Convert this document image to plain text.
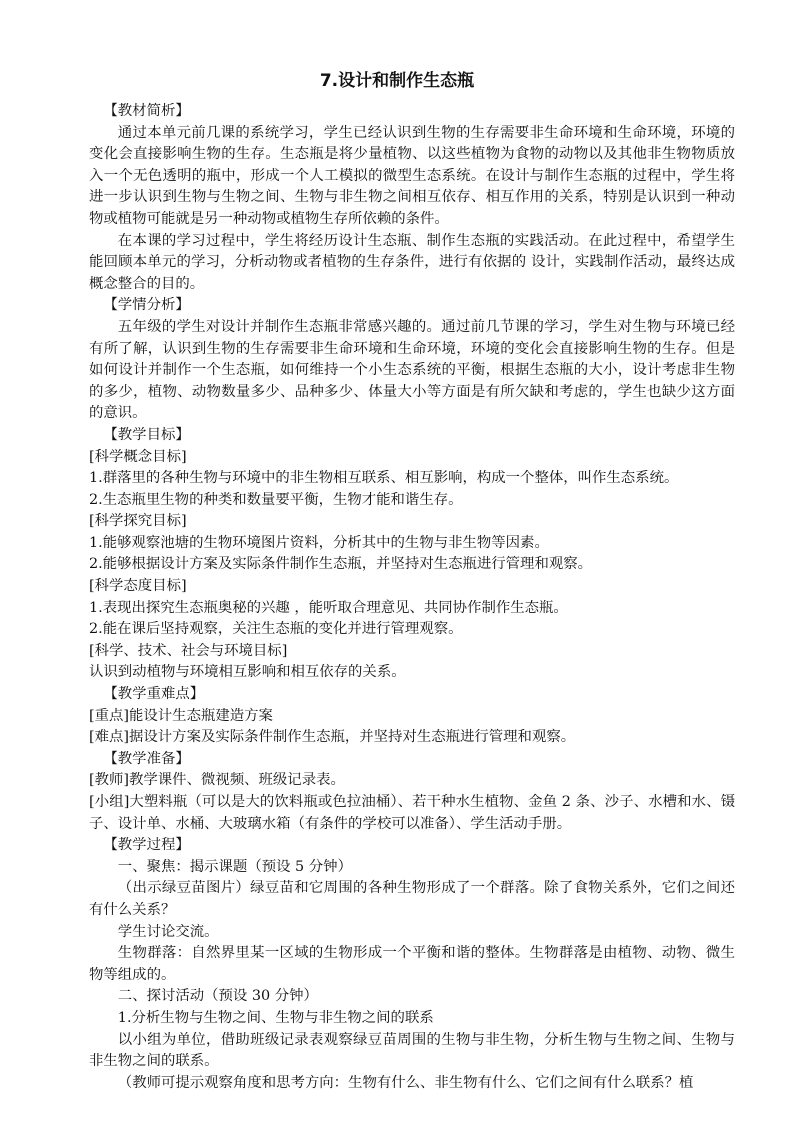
7.设计和制作生态瓶

【教材简析】

通过本单元前几课的系统学习，学生已经认识到生物的生存需要非生命环境和生命环境，环境的变化会直接影响生物的生存。生态瓶是将少量植物、以这些植物为食物的动物以及其他非生物物质放入一个无色透明的瓶中，形成一个人工模拟的微型生态系统。在设计与制作生态瓶的过程中，学生将进一步认识到生物与生物之间、生物与非生物之间相互依存、相互作用的关系，特别是认识到一种动物或植物可能就是另一种动物或植物生存所依赖的条件。

在本课的学习过程中，学生将经历设计生态瓶、制作生态瓶的实践活动。在此过程中，希望学生能回顾本单元的学习，分析动物或者植物的生存条件，进行有依据的 设计，实践制作活动，最终达成概念整合的目的。

【学情分析】

五年级的学生对设计并制作生态瓶非常感兴趣的。通过前几节课的学习，学生对生物与环境已经有所了解，认识到生物的生存需要非生命环境和生命环境，环境的变化会直接影响生物的生存。但是如何设计并制作一个生态瓶，如何维持一个小生态系统的平衡，根据生态瓶的大小，设计考虑非生物的多少，植物、动物数量多少、品种多少、体量大小等方面是有所欠缺和考虑的，学生也缺少这方面的意识。

【教学目标】

[科学概念目标]

1.群落里的各种生物与环境中的非生物相互联系、相互影响，构成一个整体，叫作生态系统。

2.生态瓶里生物的种类和数量要平衡，生物才能和谐生存。

[科学探究目标]

1.能够观察池塘的生物环境图片资料，分析其中的生物与非生物等因素。

2.能够根据设计方案及实际条件制作生态瓶，并坚持对生态瓶进行管理和观察。

[科学态度目标]

1.表现出探究生态瓶奥秘的兴趣 ，能听取合理意见、共同协作制作生态瓶。

2.能在课后坚持观察，关注生态瓶的变化并进行管理观察。

[科学、技术、社会与环境目标]

认识到动植物与环境相互影响和相互依存的关系。

【教学重难点】

[重点]能设计生态瓶建造方案

[难点]据设计方案及实际条件制作生态瓶，并坚持对生态瓶进行管理和观察。

【教学准备】

[教师]教学课件、微视频、班级记录表。

[小组]大塑料瓶（可以是大的饮料瓶或色拉油桶）、若干种水生植物、金鱼 2 条、沙子、水槽和水、镊子、设计单、水桶、大玻璃水箱（有条件的学校可以准备）、学生活动手册。

【教学过程】

一、聚焦：揭示课题（预设 5 分钟）

（出示绿豆苗图片）绿豆苗和它周围的各种生物形成了一个群落。除了食物关系外，它们之间还有什么关系？

学生讨论交流。

生物群落：自然界里某一区域的生物形成一个平衡和谐的整体。生物群落是由植物、动物、微生物等组成的。

二、探讨活动（预设 30 分钟）

1.分析生物与生物之间、生物与非生物之间的联系

以小组为单位，借助班级记录表观察绿豆苗周围的生物与非生物，分析生物与生物之间、生物与非生物之间的联系。

（教师可提示观察角度和思考方向：生物有什么、非生物有什么、它们之间有什么联系？植
